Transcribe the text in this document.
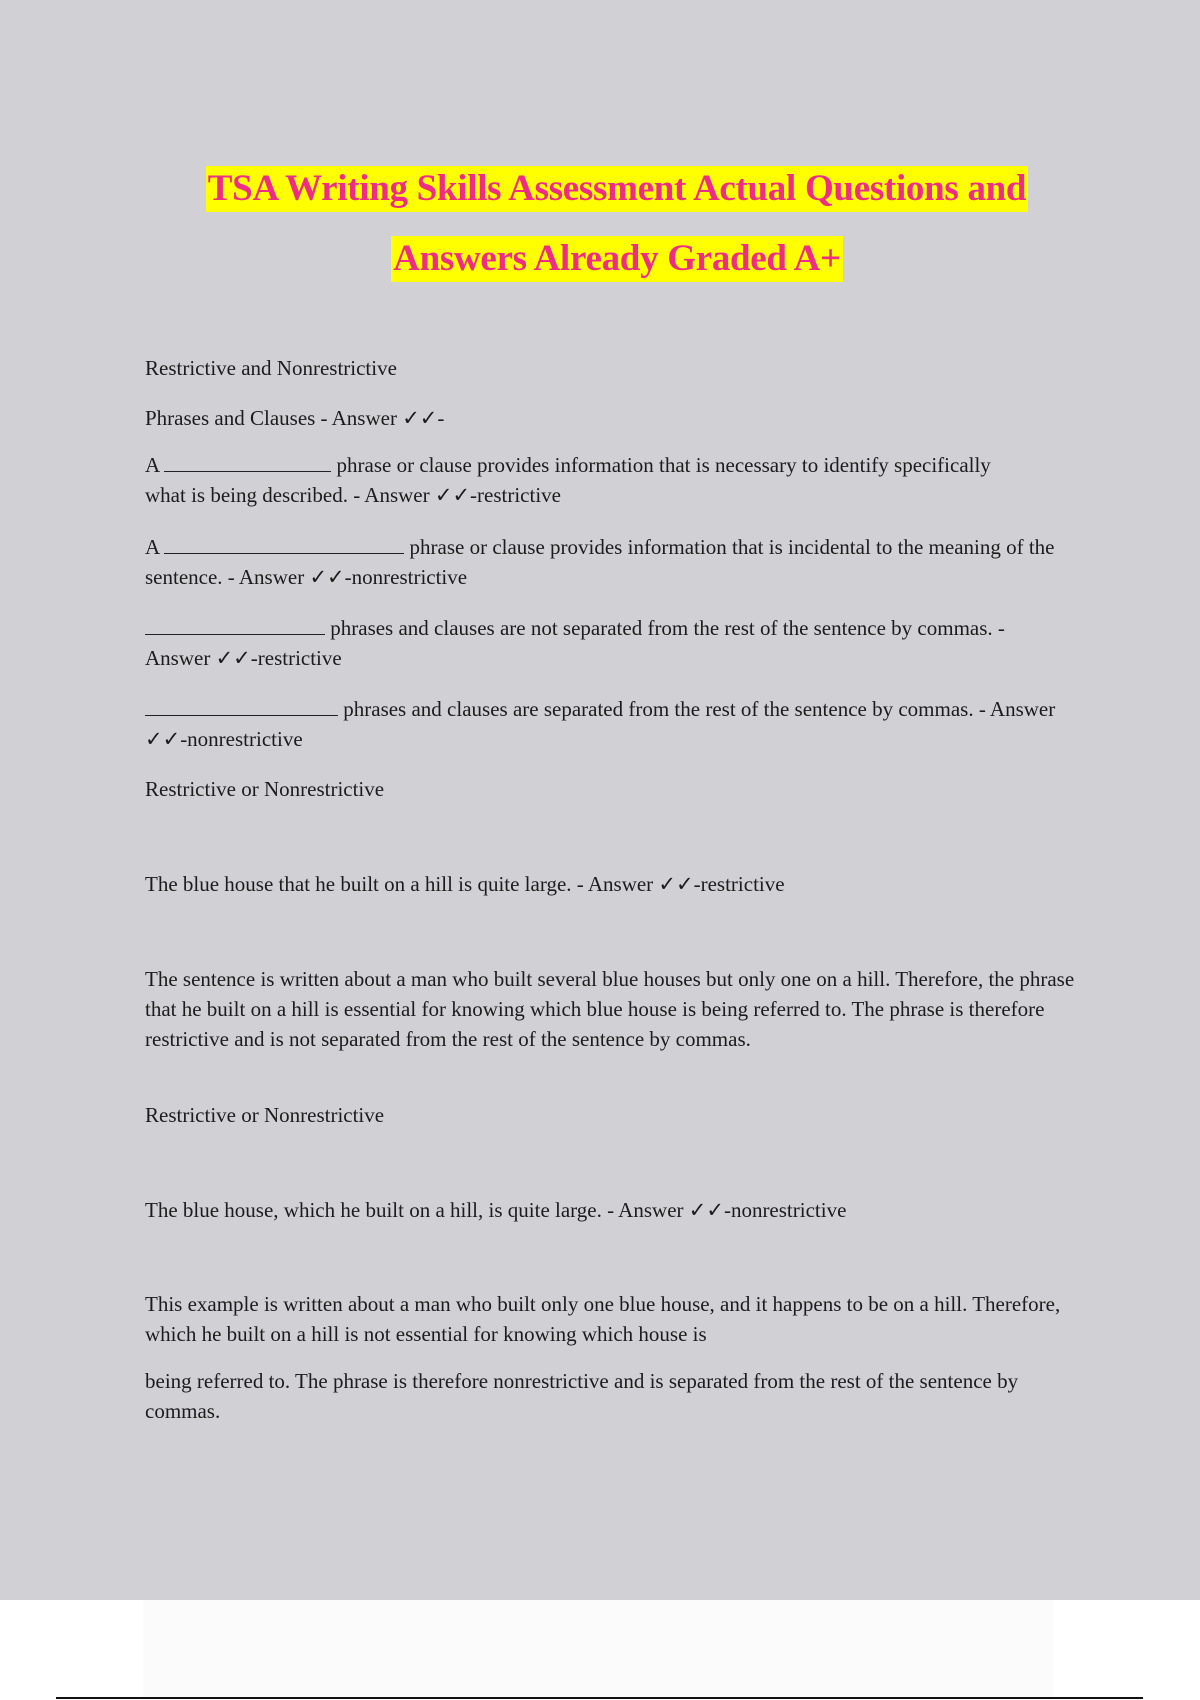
TSA Writing Skills Assessment Actual Questions and
Answers Already Graded A+

Restrictive and Nonrestrictive

Phrases and Clauses - Answer ✓✓-

A	phrase or clause provides information that is necessary to identify specifically what is being described. - Answer ✓✓-restrictive

A	phrase or clause provides information that is incidental to the meaning of the sentence. - Answer ✓✓-nonrestrictive

phrases and clauses are not separated from the rest of the sentence by commas. - Answer ✓✓-restrictive

phrases and clauses are separated from the rest of the sentence by commas. - Answer ✓✓-nonrestrictive

Restrictive or Nonrestrictive

The blue house that he built on a hill is quite large. - Answer ✓✓-restrictive

The sentence is written about a man who built several blue houses but only one on a hill. Therefore, the phrase that he built on a hill is essential for knowing which blue house is being referred to. The phrase is therefore restrictive and is not separated from the rest of the sentence by commas.

Restrictive or Nonrestrictive

The blue house, which he built on a hill, is quite large. - Answer ✓✓-nonrestrictive

This example is written about a man who built only one blue house, and it happens to be on a hill. Therefore, which he built on a hill is not essential for knowing which house is

being referred to. The phrase is therefore nonrestrictive and is separated from the rest of the sentence by commas.
